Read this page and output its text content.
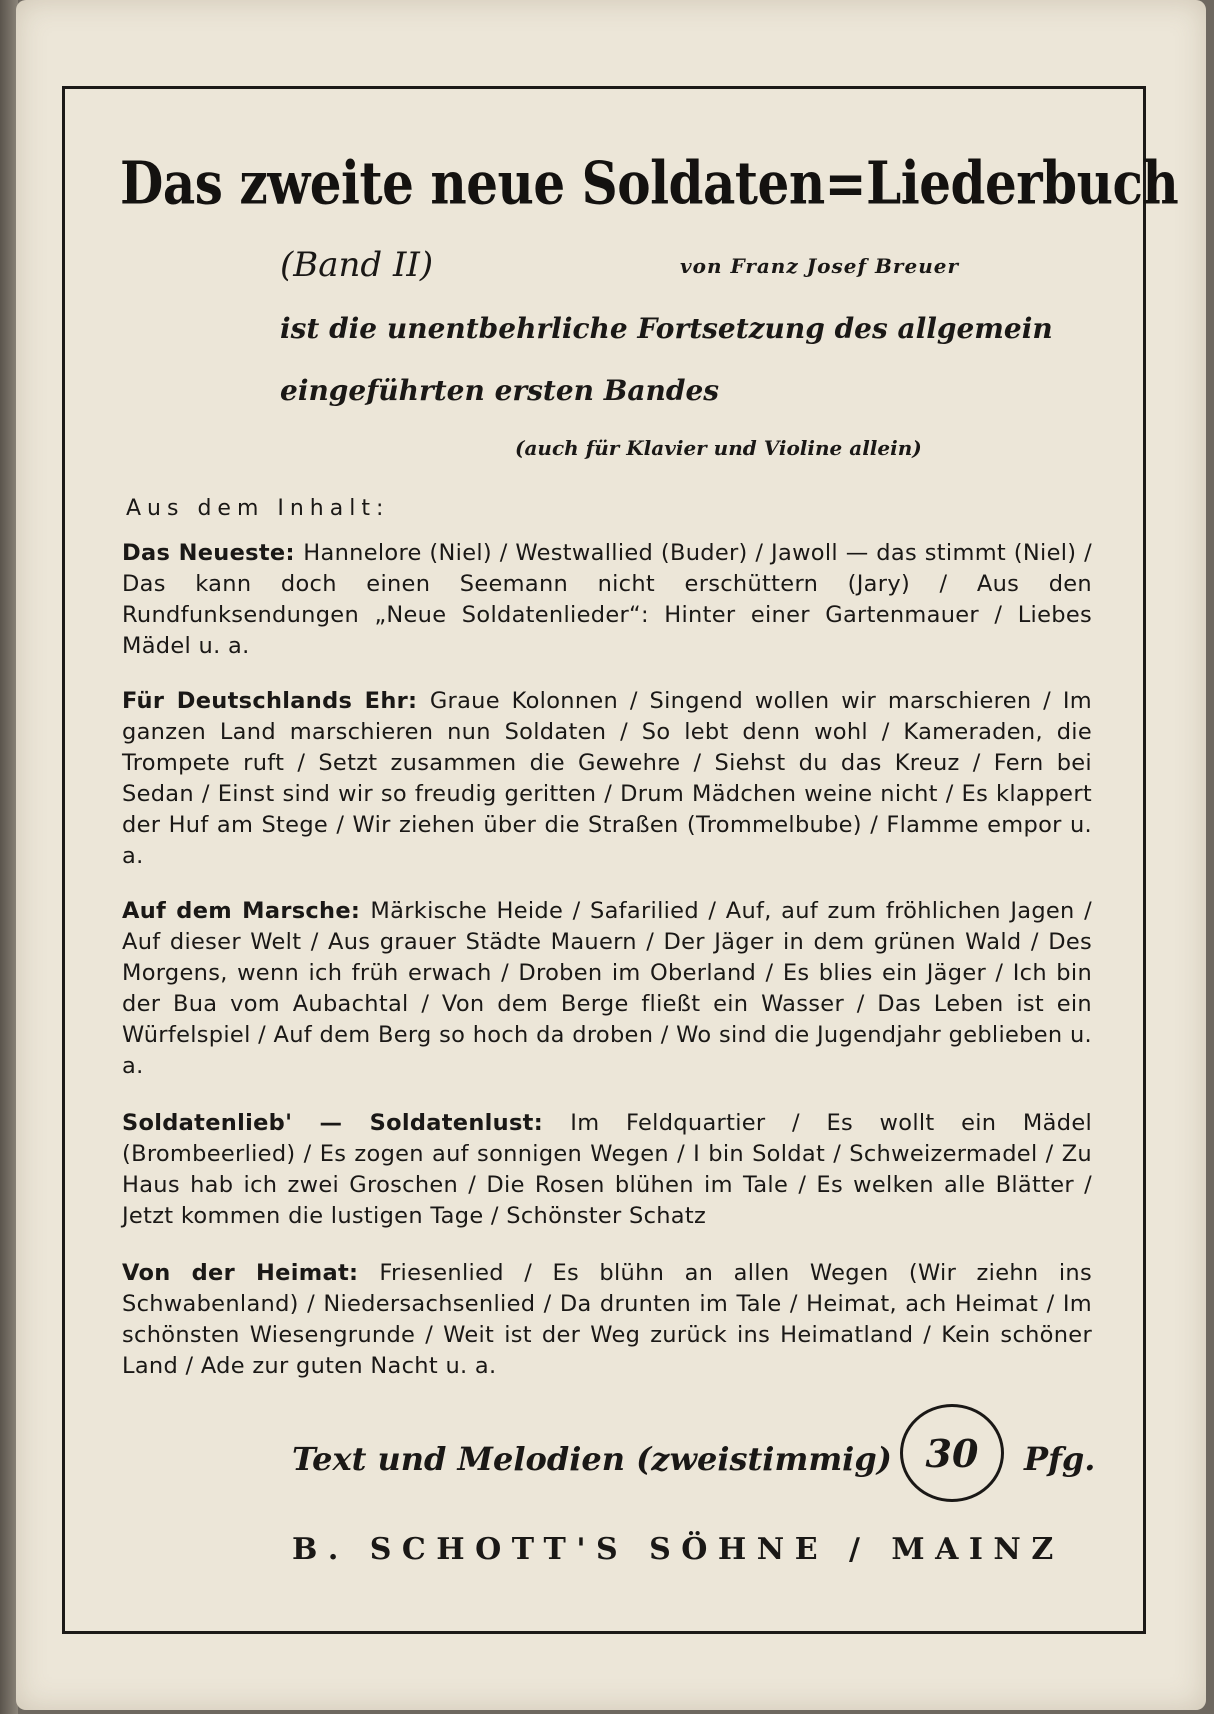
Das zweite neue Soldaten=Liederbuch
(Band II)	von Franz Josef Breuer
ist die unentbehrliche Fortsetzung des allgemein
eingeführten ersten Bandes
(auch für Klavier und Violine allein)
Aus dem Inhalt:
Das Neueste: Hannelore (Niel) / Westwallied (Buder) / Jawoll — das stimmt (Niel) / Das kann doch einen Seemann nicht erschüttern (Jary) / Aus den Rundfunksendungen „Neue Soldatenlieder“: Hinter einer Gartenmauer / Liebes Mädel u. a.
Für Deutschlands Ehr: Graue Kolonnen / Singend wollen wir marschieren / Im ganzen Land marschieren nun Soldaten / So lebt denn wohl / Kameraden, die Trompete ruft / Setzt zusammen die Gewehre / Siehst du das Kreuz / Fern bei Sedan / Einst sind wir so freudig geritten / Drum Mädchen weine nicht / Es klappert der Huf am Stege / Wir ziehen über die Straßen (Trommelbube) / Flamme empor u. a.
Auf dem Marsche: Märkische Heide / Safarilied / Auf, auf zum fröhlichen Jagen / Auf dieser Welt / Aus grauer Städte Mauern / Der Jäger in dem grünen Wald / Des Morgens, wenn ich früh erwach / Droben im Oberland / Es blies ein Jäger / Ich bin der Bua vom Aubachtal / Von dem Berge fließt ein Wasser / Das Leben ist ein Würfelspiel / Auf dem Berg so hoch da droben / Wo sind die Jugendjahr geblieben u. a.
Soldatenlieb' — Soldatenlust: Im Feldquartier / Es wollt ein Mädel (Brombeerlied) / Es zogen auf sonnigen Wegen / I bin Soldat / Schweizermadel / Zu Haus hab ich zwei Groschen / Die Rosen blühen im Tale / Es welken alle Blätter / Jetzt kommen die lustigen Tage / Schönster Schatz
Von der Heimat: Friesenlied / Es blühn an allen Wegen (Wir ziehn ins Schwabenland) / Niedersachsenlied / Da drunten im Tale / Heimat, ach Heimat / Im schönsten Wiesengrunde / Weit ist der Weg zurück ins Heimatland / Kein schöner Land / Ade zur guten Nacht u. a.
Text und Melodien (zweistimmig) 30	Pfg.
B. SCHOTT'S SÖHNE / MAINZ
